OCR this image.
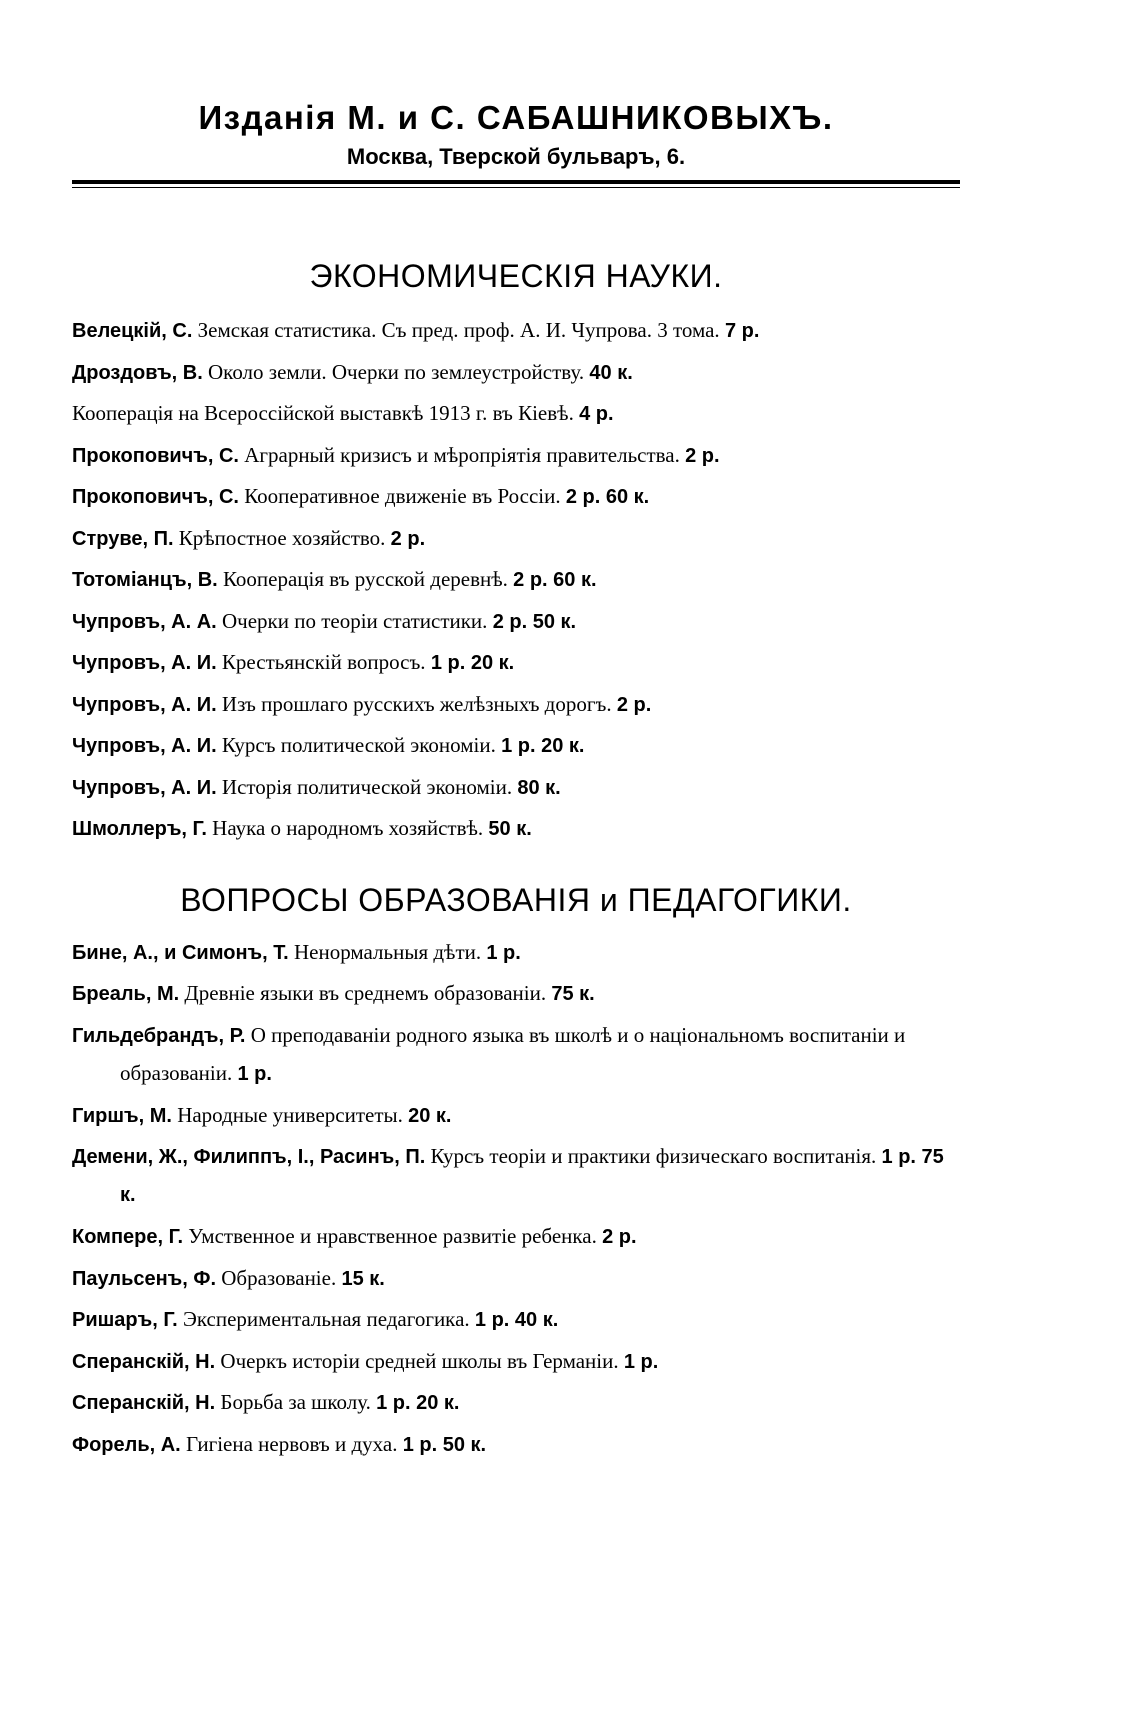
Изданія М. и С. САБАШНИКОВЫХЪ.
Москва, Тверской бульваръ, 6.
ЭКОНОМИЧЕСКІЯ НАУКИ.
Велецкій, С. Земская статистика. Съ пред. проф. А. И. Чупрова. 3 тома. 7 р.
Дроздовъ, В. Около земли. Очерки по землеустройству. 40 к.
Кооперація на Всероссійской выставкѣ 1913 г. въ Кіевѣ. 4 р.
Прокоповичъ, С. Аграрный кризисъ и мѣропріятія правительства. 2 р.
Прокоповичъ, С. Кооперативное движеніе въ Россіи. 2 р. 60 к.
Струве, П. Крѣпостное хозяйство. 2 р.
Тотоміанцъ, В. Кооперація въ русской деревнѣ. 2 р. 60 к.
Чупровъ, А. А. Очерки по теоріи статистики. 2 р. 50 к.
Чупровъ, А. И. Крестьянскій вопросъ. 1 р. 20 к.
Чупровъ, А. И. Изъ прошлаго русскихъ желѣзныхъ дорогъ. 2 р.
Чупровъ, А. И. Курсъ политической экономіи. 1 р. 20 к.
Чупровъ, А. И. Исторія политической экономіи. 80 к.
Шмоллеръ, Г. Наука о народномъ хозяйствѣ. 50 к.
ВОПРОСЫ ОБРАЗОВАНІЯ и ПЕДАГОГИКИ.
Бине, А., и Симонъ, Т. Ненормальныя дѣти. 1 р.
Бреаль, М. Древніе языки въ среднемъ образованіи. 75 к.
Гильдебрандъ, Р. О преподаваніи родного языка въ школѣ и о національномъ воспитаніи и образованіи. 1 р.
Гиршъ, М. Народные университеты. 20 к.
Демени, Ж., Филиппъ, I., Расинъ, П. Курсъ теоріи и практики физическаго воспитанія. 1 р. 75 к.
Компере, Г. Умственное и нравственное развитіе ребенка. 2 р.
Паульсенъ, Ф. Образованіе. 15 к.
Ришаръ, Г. Экспериментальная педагогика. 1 р. 40 к.
Сперанскій, Н. Очеркъ исторіи средней школы въ Германіи. 1 р.
Сперанскій, Н. Борьба за школу. 1 р. 20 к.
Форель, А. Гигіена нервовъ и духа. 1 р. 50 к.
